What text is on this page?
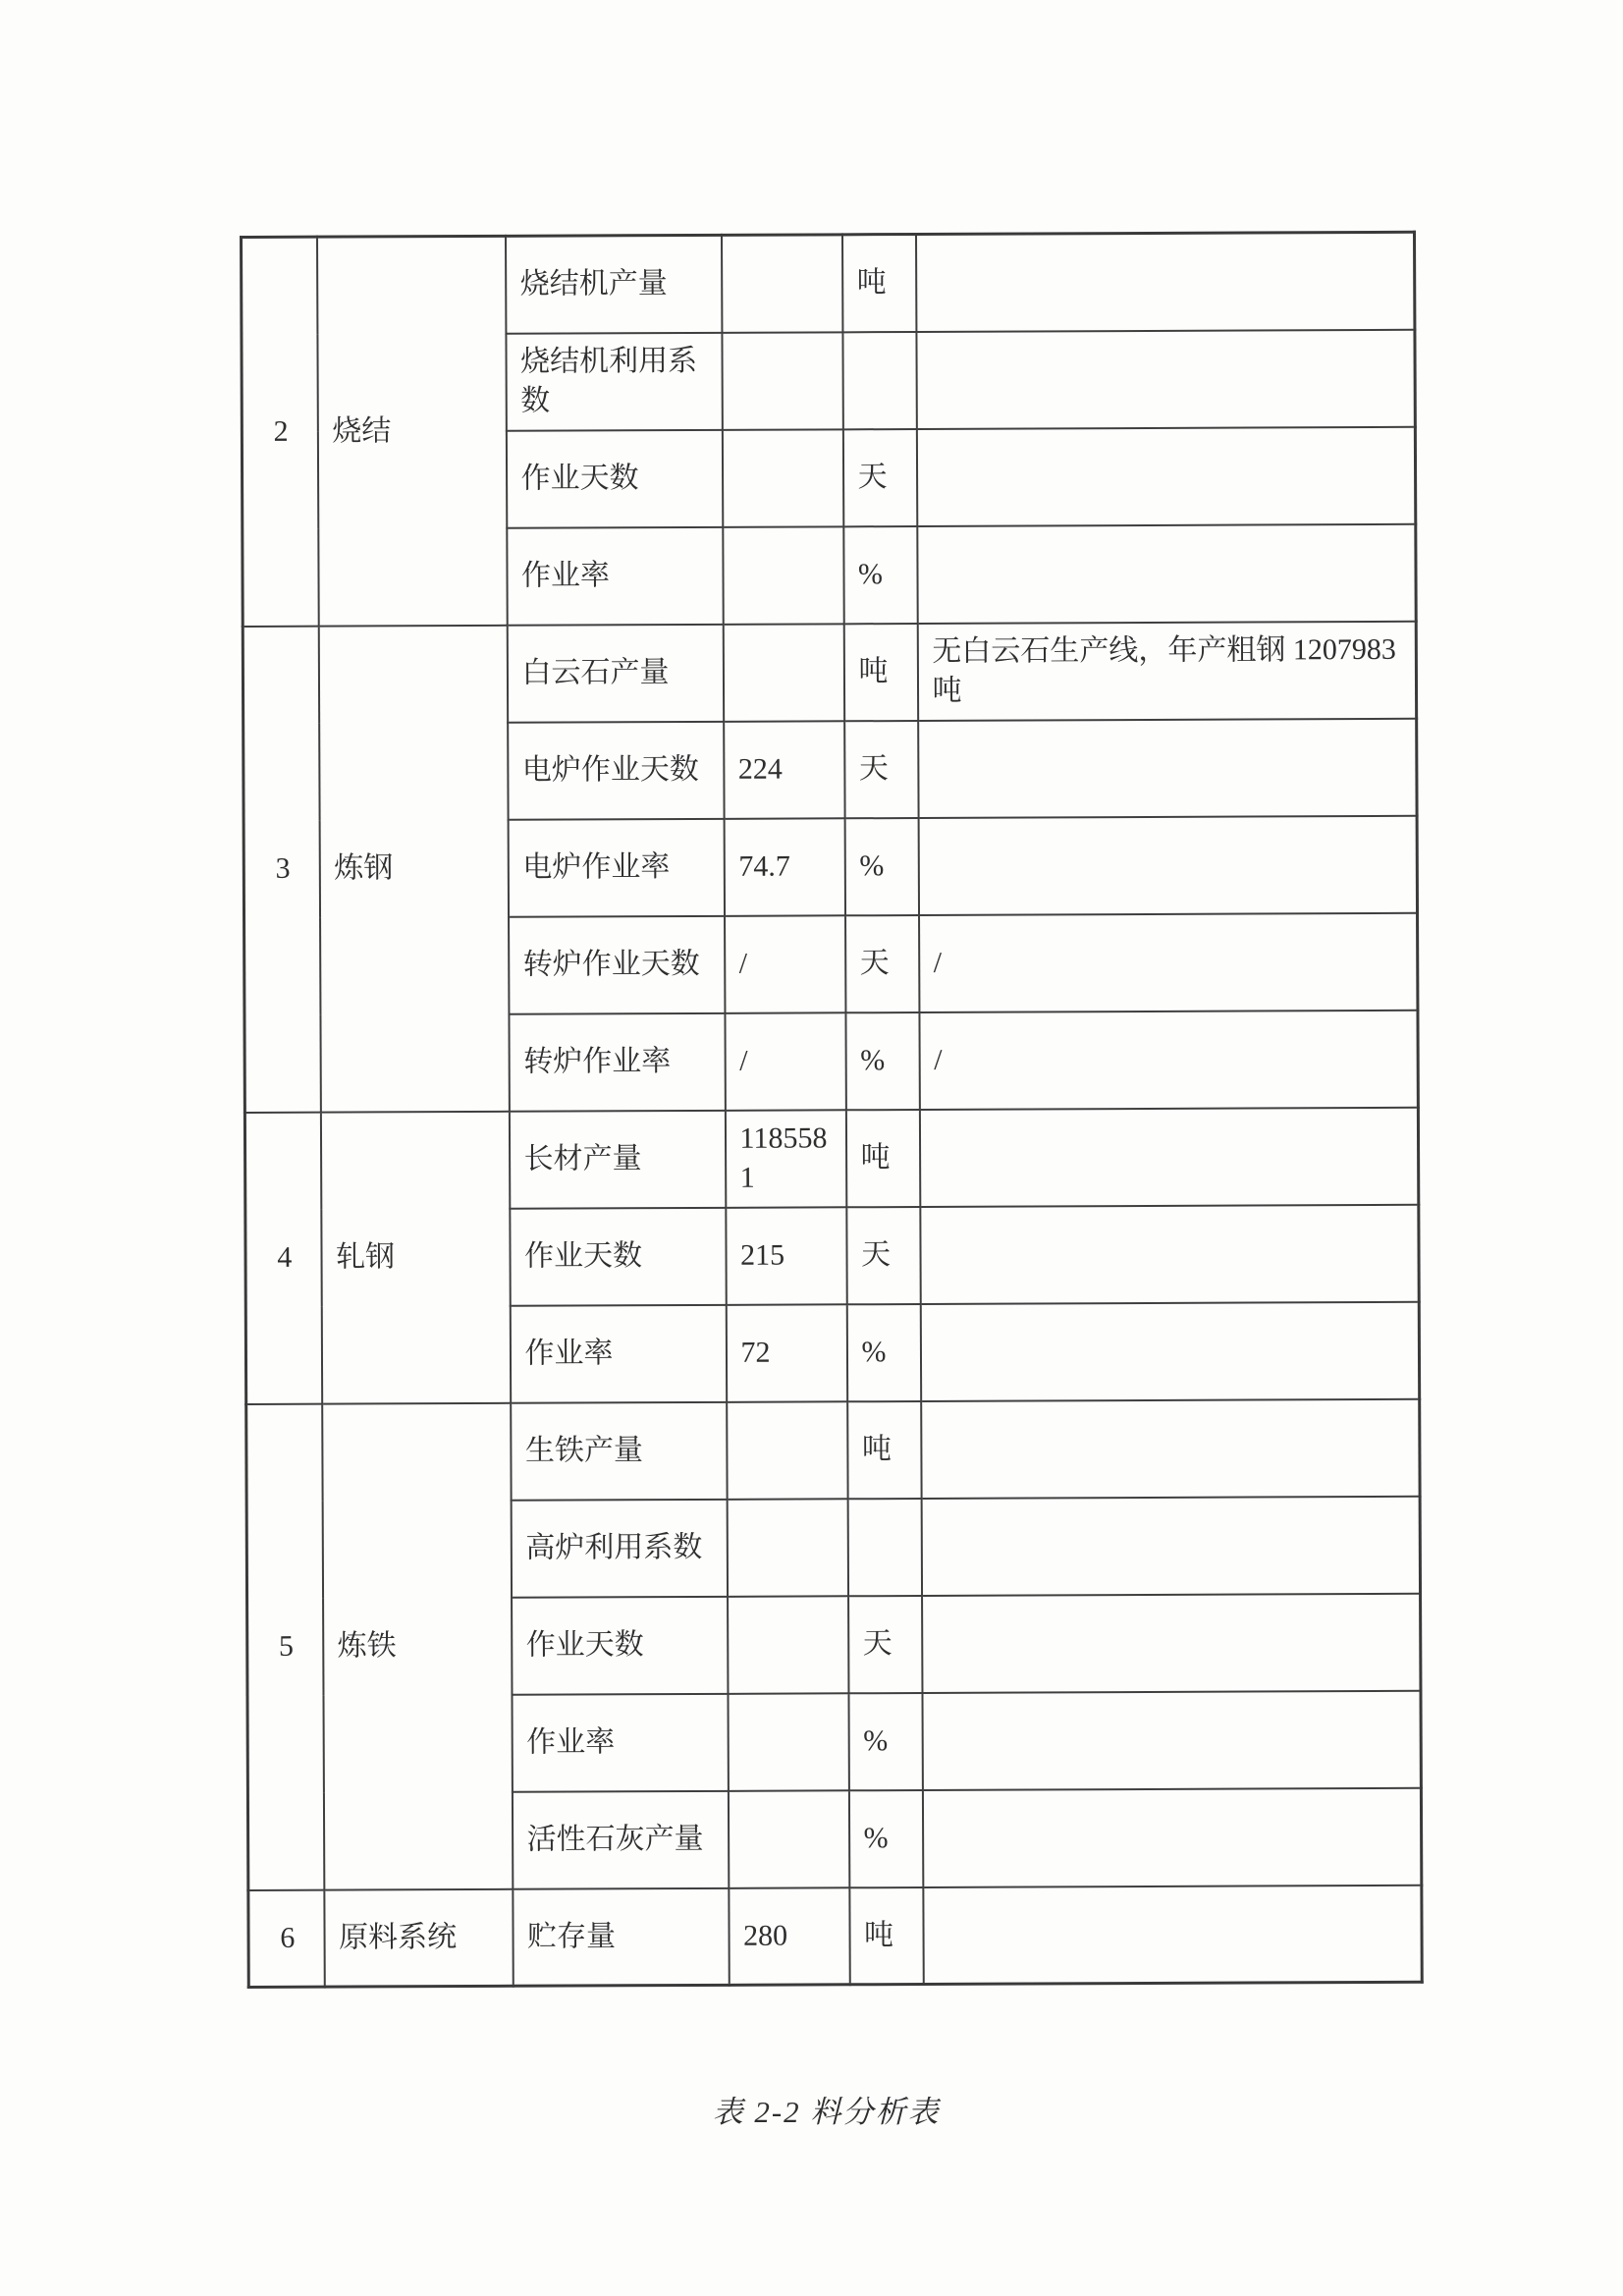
2	烧结	烧结机产量		吨	
		烧结机利用系数			
		作业天数		天	
		作业率		%	
3	炼钢	白云石产量		吨	无白云石生产线，年产粗钢 1207983 吨
		电炉作业天数	224	天	
		电炉作业率	74.7	%	
		转炉作业天数	/	天	/
		转炉作业率	/	%	/
4	轧钢	长材产量	1185581	吨	
		作业天数	215	天	
		作业率	72	%	
5	炼铁	生铁产量		吨	
		高炉利用系数			
		作业天数		天	
		作业率		%	
		活性石灰产量		%	
6	原料系统	贮存量	280	吨	
表 2-2 料分析表
